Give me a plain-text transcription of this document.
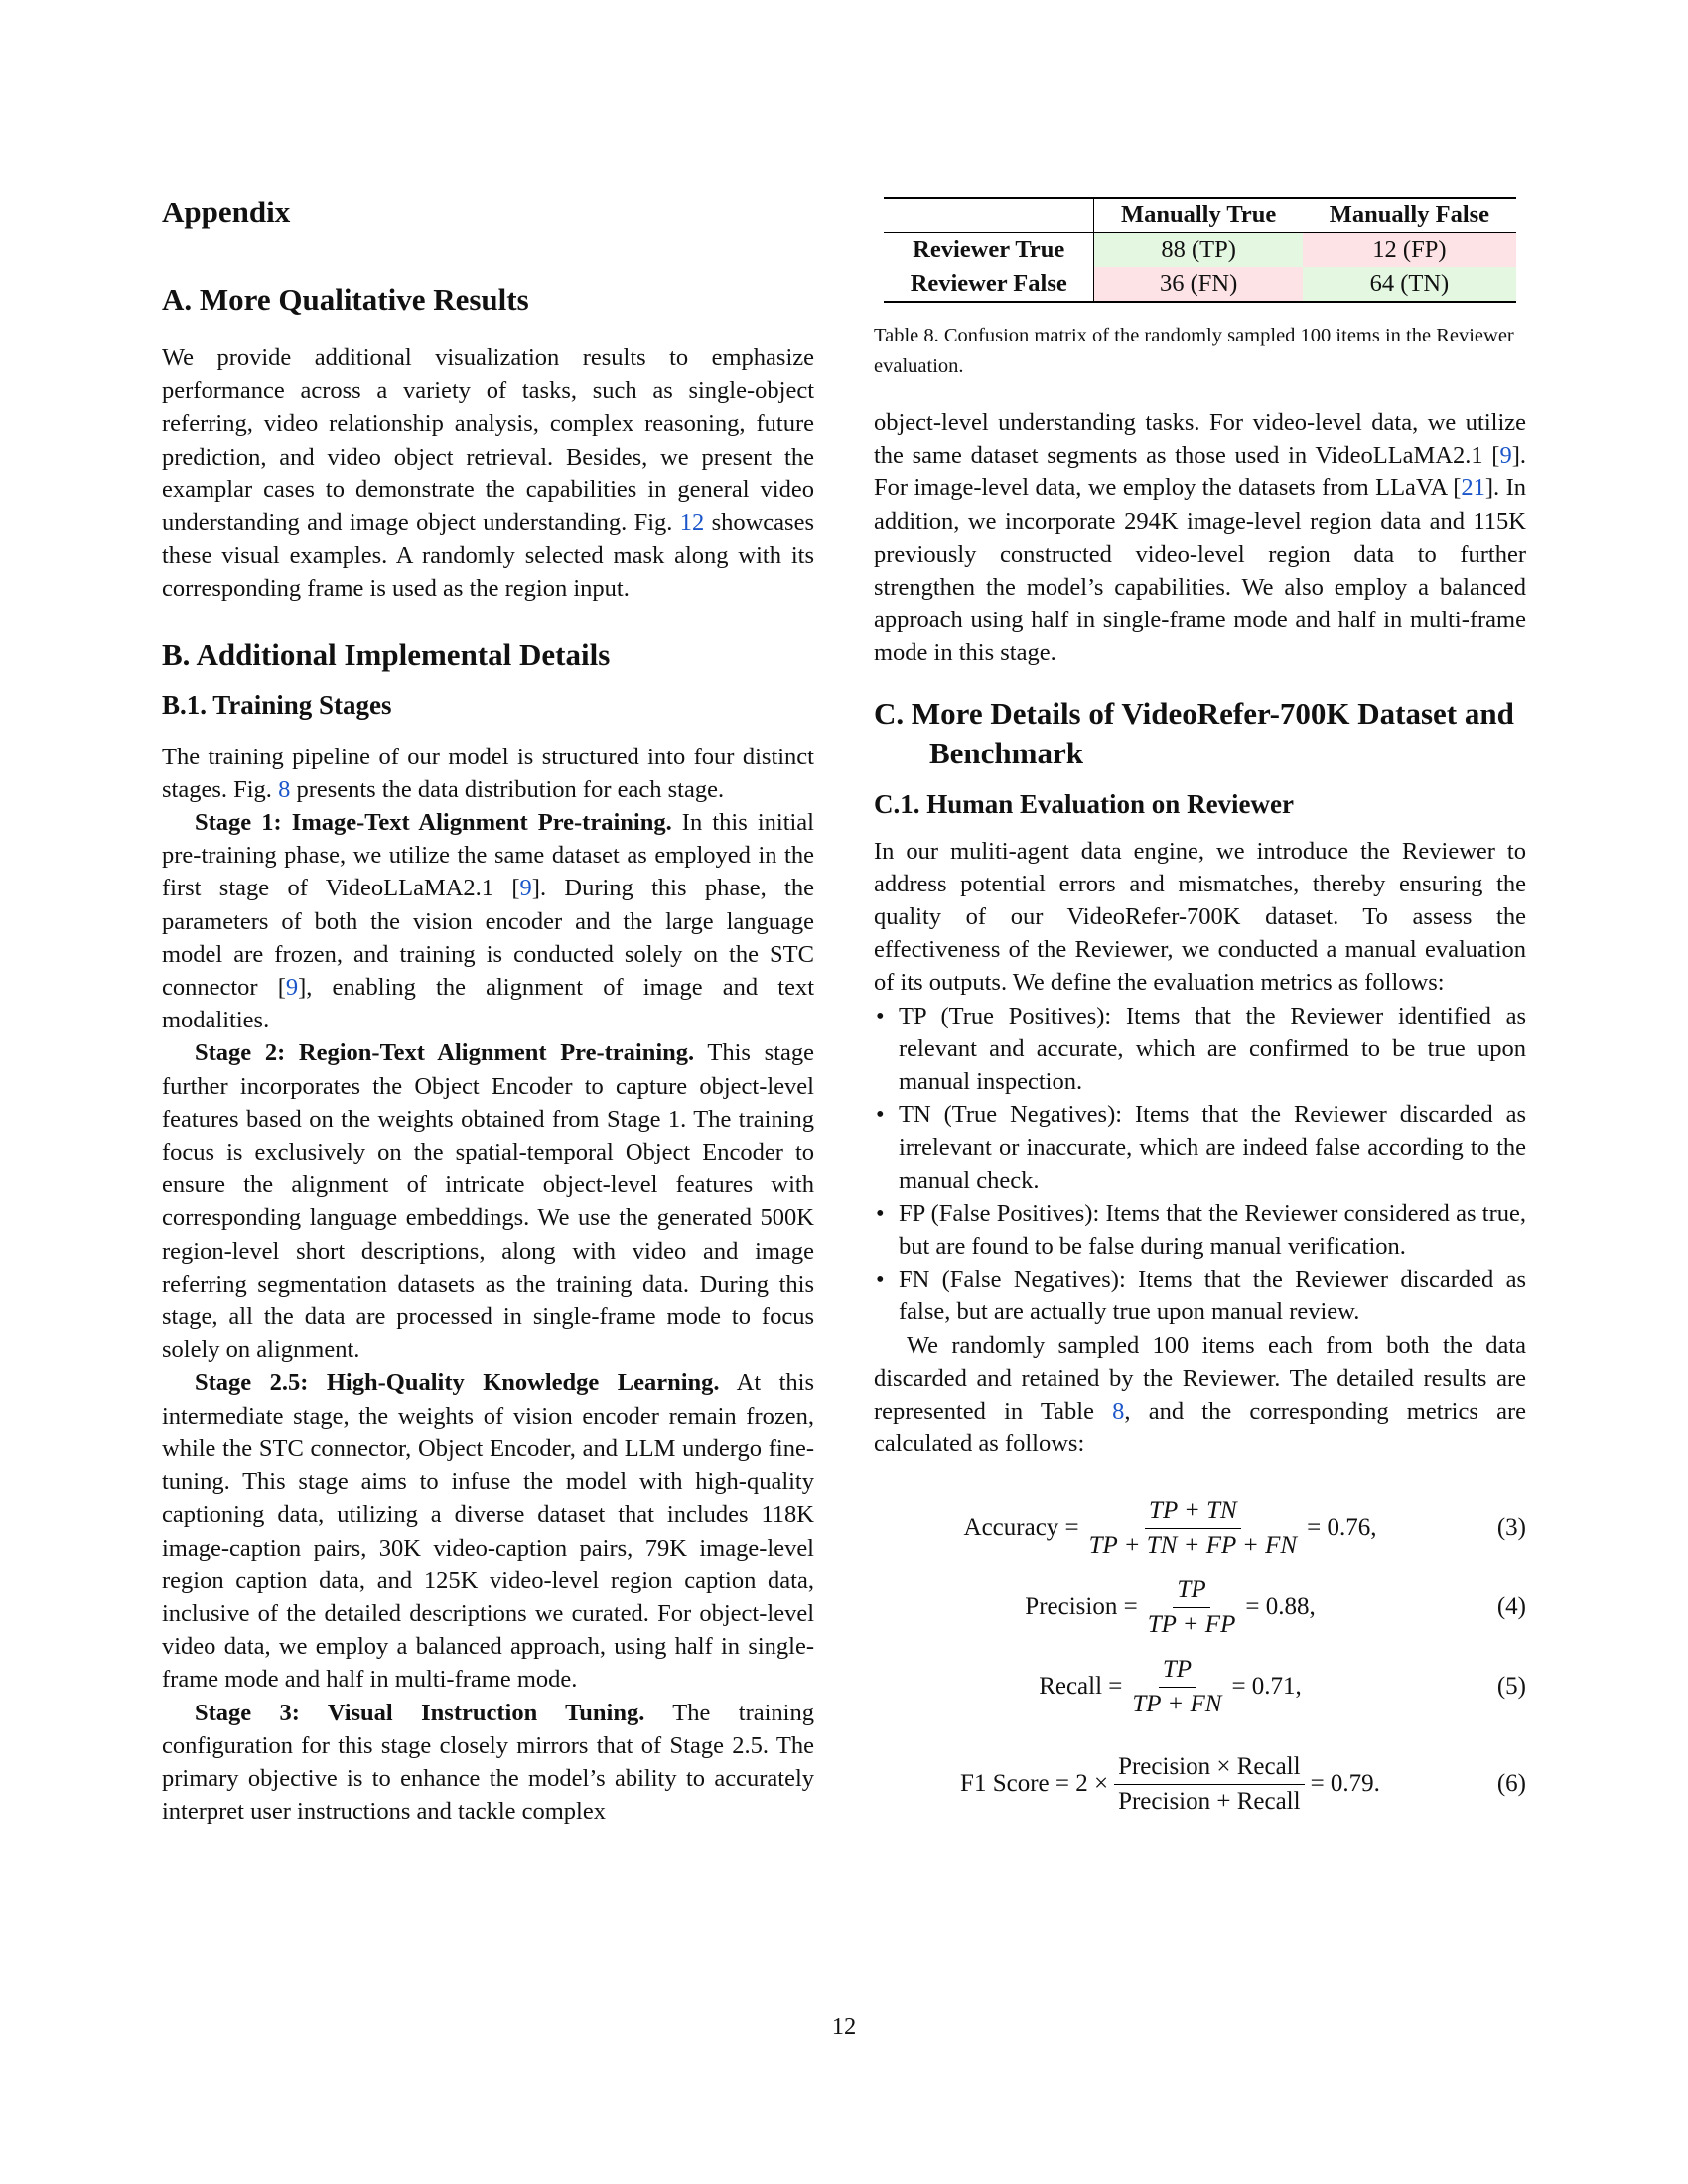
Appendix
A. More Qualitative Results

We provide additional visualization results to emphasize performance across a variety of tasks, such as single-object referring, video relationship analysis, complex reasoning, future prediction, and video object retrieval. Besides, we present the examplar cases to demonstrate the capabilities in general video understanding and image object understanding. Fig. 12 showcases these visual examples. A randomly selected mask along with its corresponding frame is used as the region input.

B. Additional Implemental Details
B.1. Training Stages

The training pipeline of our model is structured into four distinct stages. Fig. 8 presents the data distribution for each stage.

Stage 1: Image-Text Alignment Pre-training. In this initial pre-training phase, we utilize the same dataset as employed in the first stage of VideoLLaMA2.1 [9]. During this phase, the parameters of both the vision encoder and the large language model are frozen, and training is conducted solely on the STC connector [9], enabling the alignment of image and text modalities.

Stage 2: Region-Text Alignment Pre-training. This stage further incorporates the Object Encoder to capture object-level features based on the weights obtained from Stage 1. The training focus is exclusively on the spatial-temporal Object Encoder to ensure the alignment of intricate object-level features with corresponding language embeddings. We use the generated 500K region-level short descriptions, along with video and image referring segmentation datasets as the training data. During this stage, all the data are processed in single-frame mode to focus solely on alignment.

Stage 2.5: High-Quality Knowledge Learning. At this intermediate stage, the weights of vision encoder remain frozen, while the STC connector, Object Encoder, and LLM undergo fine-tuning. This stage aims to infuse the model with high-quality captioning data, utilizing a diverse dataset that includes 118K image-caption pairs, 30K video-caption pairs, 79K image-level region caption data, and 125K video-level region caption data, inclusive of the detailed descriptions we curated. For object-level video data, we employ a balanced approach, using half in single-frame mode and half in multi-frame mode.

Stage 3: Visual Instruction Tuning. The training configuration for this stage closely mirrors that of Stage 2.5. The primary objective is to enhance the model’s ability to accurately interpret user instructions and tackle complex

	Manually True	Manually False
Reviewer True	88 (TP)	12 (FP)
Reviewer False	36 (FN)	64 (TN)
Table 8. Confusion matrix of the randomly sampled 100 items in the Reviewer evaluation.

object-level understanding tasks. For video-level data, we utilize the same dataset segments as those used in VideoLLaMA2.1 [9]. For image-level data, we employ the datasets from LLaVA [21]. In addition, we incorporate 294K image-level region data and 115K previously constructed video-level region data to further strengthen the model’s capabilities. We also employ a balanced approach using half in single-frame mode and half in multi-frame mode in this stage.

C. More Details of VideoRefer-700K Dataset and Benchmark
C.1. Human Evaluation on Reviewer

In our muliti-agent data engine, we introduce the Reviewer to address potential errors and mismatches, thereby ensuring the quality of our VideoRefer-700K dataset. To assess the effectiveness of the Reviewer, we conducted a manual evaluation of its outputs. We define the evaluation metrics as follows:

• TP (True Positives): Items that the Reviewer identified as relevant and accurate, which are confirmed to be true upon manual inspection.
• TN (True Negatives): Items that the Reviewer discarded as irrelevant or inaccurate, which are indeed false according to the manual check.
• FP (False Positives): Items that the Reviewer considered as true, but are found to be false during manual verification.
• FN (False Negatives): Items that the Reviewer discarded as false, but are actually true upon manual review.

We randomly sampled 100 items each from both the data discarded and retained by the Reviewer. The detailed results are represented in Table 8, and the corresponding metrics are calculated as follows:

Accuracy = $\frac{TP + TN}{TP + TN + FP + FN} = 0.76$,	(3)
Precision = $\frac{TP}{TP + FP} = 0.88$,	(4)
Recall = $\frac{TP}{TP + FN} = 0.71$,	(5)
F1 Score = $2 \times \frac{\text{Precision × Recall}}{\text{Precision + Recall}} = 0.79$.	(6)
12
